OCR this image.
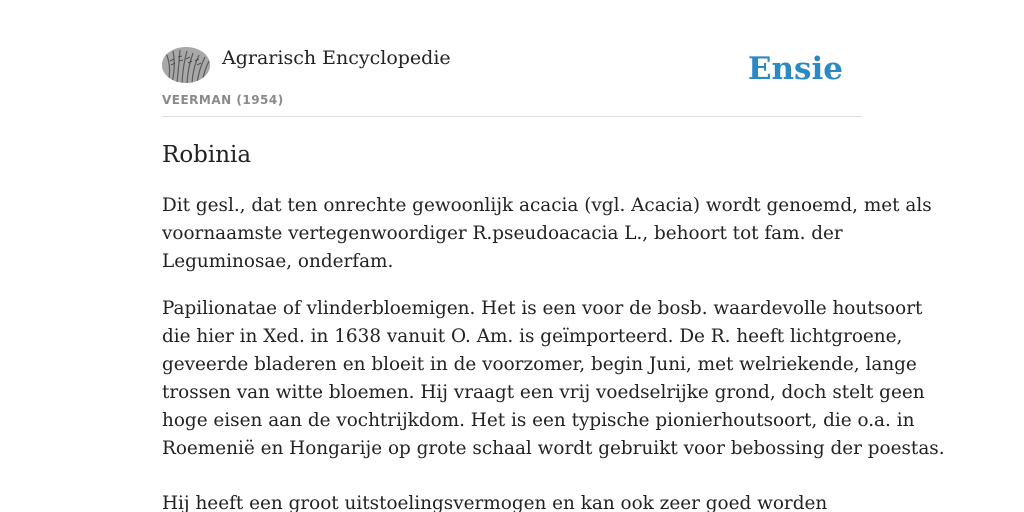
Agrarisch Encyclopedie
VEERMAN (1954)
Ensie
Robinia

Dit gesl., dat ten onrechte gewoonlijk acacia (vgl. Acacia) wordt genoemd, met als
voornaamste vertegenwoordiger R.pseudoacacia L., behoort tot fam. der
Leguminosae, onderfam.

Papilionatae of vlinderbloemigen. Het is een voor de bosb. waardevolle houtsoort
die hier in Xed. in 1638 vanuit O. Am. is geïmporteerd. De R. heeft lichtgroene,
geveerde bladeren en bloeit in de voorzomer, begin Juni, met welriekende, lange
trossen van witte bloemen. Hij vraagt een vrij voedselrijke grond, doch stelt geen
hoge eisen aan de vochtrijkdom. Het is een typische pionierhoutsoort, die o.a. in
Roemenië en Hongarije op grote schaal wordt gebruikt voor bebossing der poestas.

Hij heeft een groot uitstoelingsvermogen en kan ook zeer goed worden
